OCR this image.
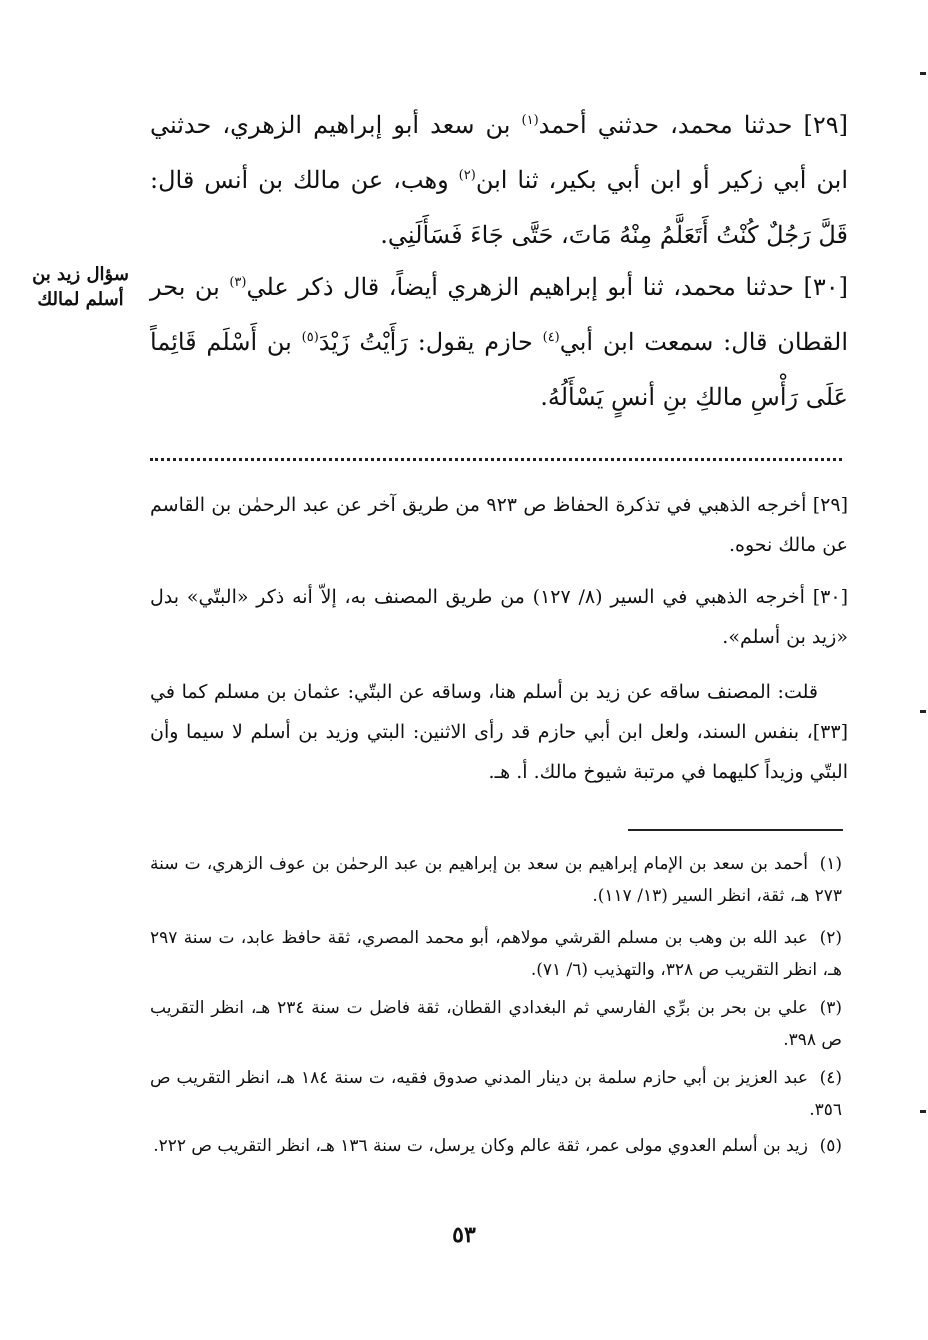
سؤال زيد بن
أسلم لمالك

[٢٩] حدثنا محمد، حدثني أحمد$^{(١)}$ بن سعد أبو إبراهيم الزهري، حدثني ابن أبي زكير أو ابن أبي بكير، ثنا ابن$^{(٢)}$ وهب، عن مالك بن أنس قال: قَلَّ رَجُلٌ كُنْتُ أَتَعَلَّمُ مِنْهُ مَاتَ، حَتَّى جَاءَ فَسَأَلَنِي.

[٣٠] حدثنا محمد، ثنا أبو إبراهيم الزهري أيضاً، قال ذكر علي$^{(٣)}$ بن بحر القطان قال: سمعت ابن أبي$^{(٤)}$ حازم يقول: رَأَيْتُ زَيْدَ$^{(٥)}$ بن أَسْلَم قَائِماً عَلَى رَأْسِ مالكِ بنِ أنسٍ يَسْأَلُهُ.

[٢٩] أخرجه الذهبي في تذكرة الحفاظ ص ٩٢٣ من طريق آخر عن عبد الرحمٰن بن القاسم عن مالك نحوه.

[٣٠] أخرجه الذهبي في السير (٨/ ١٢٧) من طريق المصنف به، إلاّ أنه ذكر «البتّي» بدل «زيد بن أسلم».

قلت: المصنف ساقه عن زيد بن أسلم هنا، وساقه عن البتّي: عثمان بن مسلم كما في [٣٣]، بنفس السند، ولعل ابن أبي حازم قد رأى الاثنين: البتي وزيد بن أسلم لا سيما وأن البتّي وزيداً كليهما في مرتبة شيوخ مالك. أ. هـ.

(١)أحمد بن سعد بن الإمام إبراهيم بن سعد بن إبراهيم بن عبد الرحمٰن بن عوف الزهري، ت سنة ٢٧٣ هـ، ثقة، انظر السير (١٣/ ١١٧).
(٢)عبد الله بن وهب بن مسلم القرشي مولاهم، أبو محمد المصري، ثقة حافظ عابد، ت سنة ٢٩٧ هـ، انظر التقريب ص ٣٢٨، والتهذيب (٦/ ٧١).
(٣)علي بن بحر بن برِّي الفارسي ثم البغدادي القطان، ثقة فاضل ت سنة ٢٣٤ هـ، انظر التقريب ص ٣٩٨.
(٤)عبد العزيز بن أبي حازم سلمة بن دينار المدني صدوق فقيه، ت سنة ١٨٤ هـ، انظر التقريب ص ٣٥٦.
(٥)زيد بن أسلم العدوي مولى عمر، ثقة عالم وكان يرسل، ت سنة ١٣٦ هـ، انظر التقريب ص ٢٢٢.
٥٣
